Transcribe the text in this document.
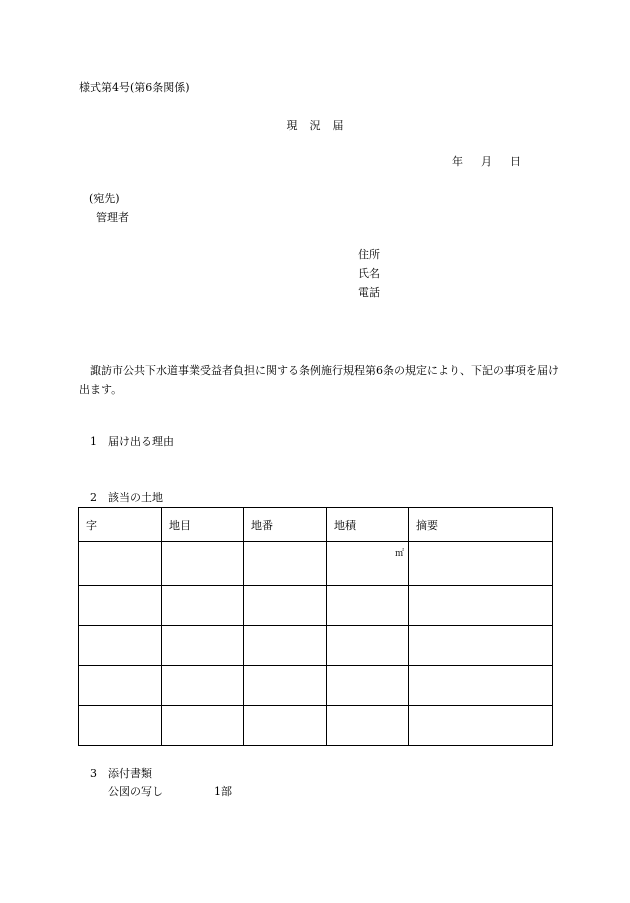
様式第4号(第6条関係)
現 況 届
年 月 日
(宛先)
管理者
住所
氏名
電話
諏訪市公共下水道事業受益者負担に関する条例施行規程第6条の規定により、下記の事項を届け出ます。
1 届け出る理由
2 該当の土地
字	地目	地番	地積	摘要
			㎡	

3 添付書類
公図の写し	1部
